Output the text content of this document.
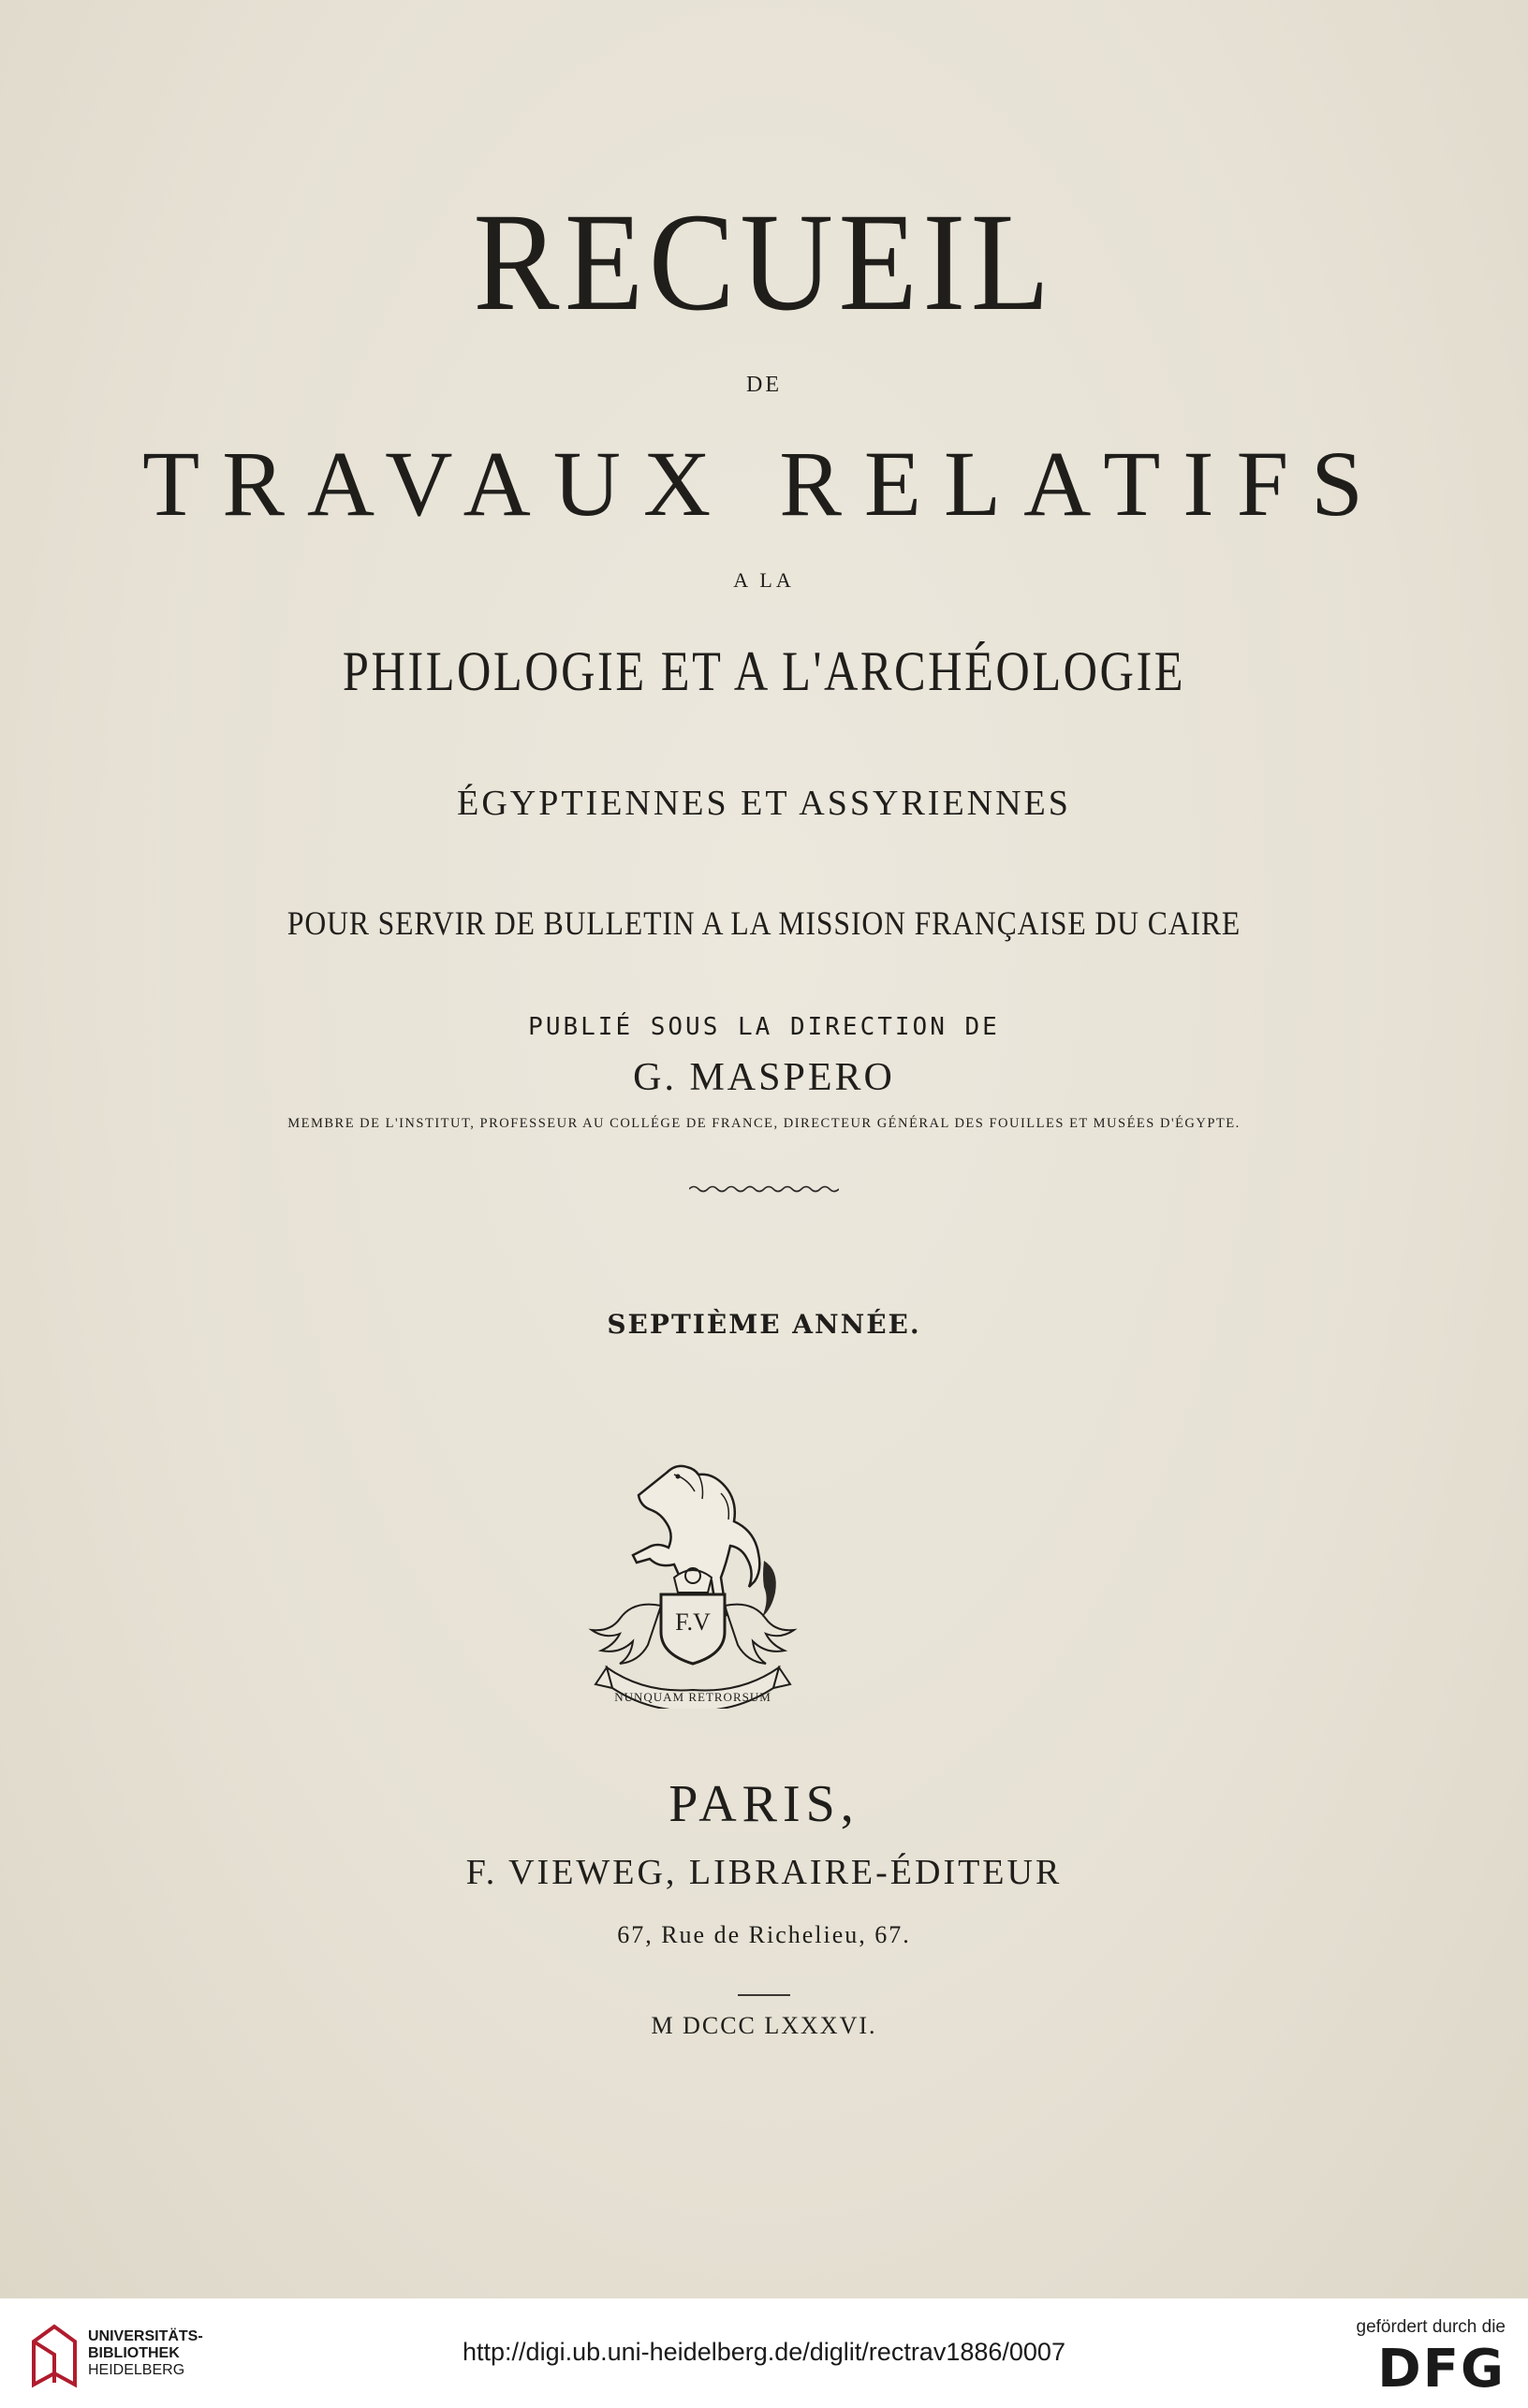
RECUEIL
DE
TRAVAUX RELATIFS
A LA
PHILOLOGIE ET A L'ARCHÉOLOGIE
ÉGYPTIENNES ET ASSYRIENNES
POUR SERVIR DE BULLETIN A LA MISSION FRANÇAISE DU CAIRE
PUBLIÉ SOUS LA DIRECTION DE
G. MASPERO
MEMBRE DE L'INSTITUT, PROFESSEUR AU COLLÉGE DE FRANCE, DIRECTEUR GÉNÉRAL DES FOUILLES ET MUSÉES D'ÉGYPTE.
SEPTIÈME ANNÉE.
F.V
NUNQUAM RETRORSUM
PARIS,
F. VIEWEG, LIBRAIRE-ÉDITEUR
67, Rue de Richelieu, 67.
M DCCC LXXXVI.
UNIVERSITÄTS-
BIBLIOTHEK
HEIDELBERG
http://digi.ub.uni-heidelberg.de/diglit/rectrav1886/0007
gefördert durch die
DFG
